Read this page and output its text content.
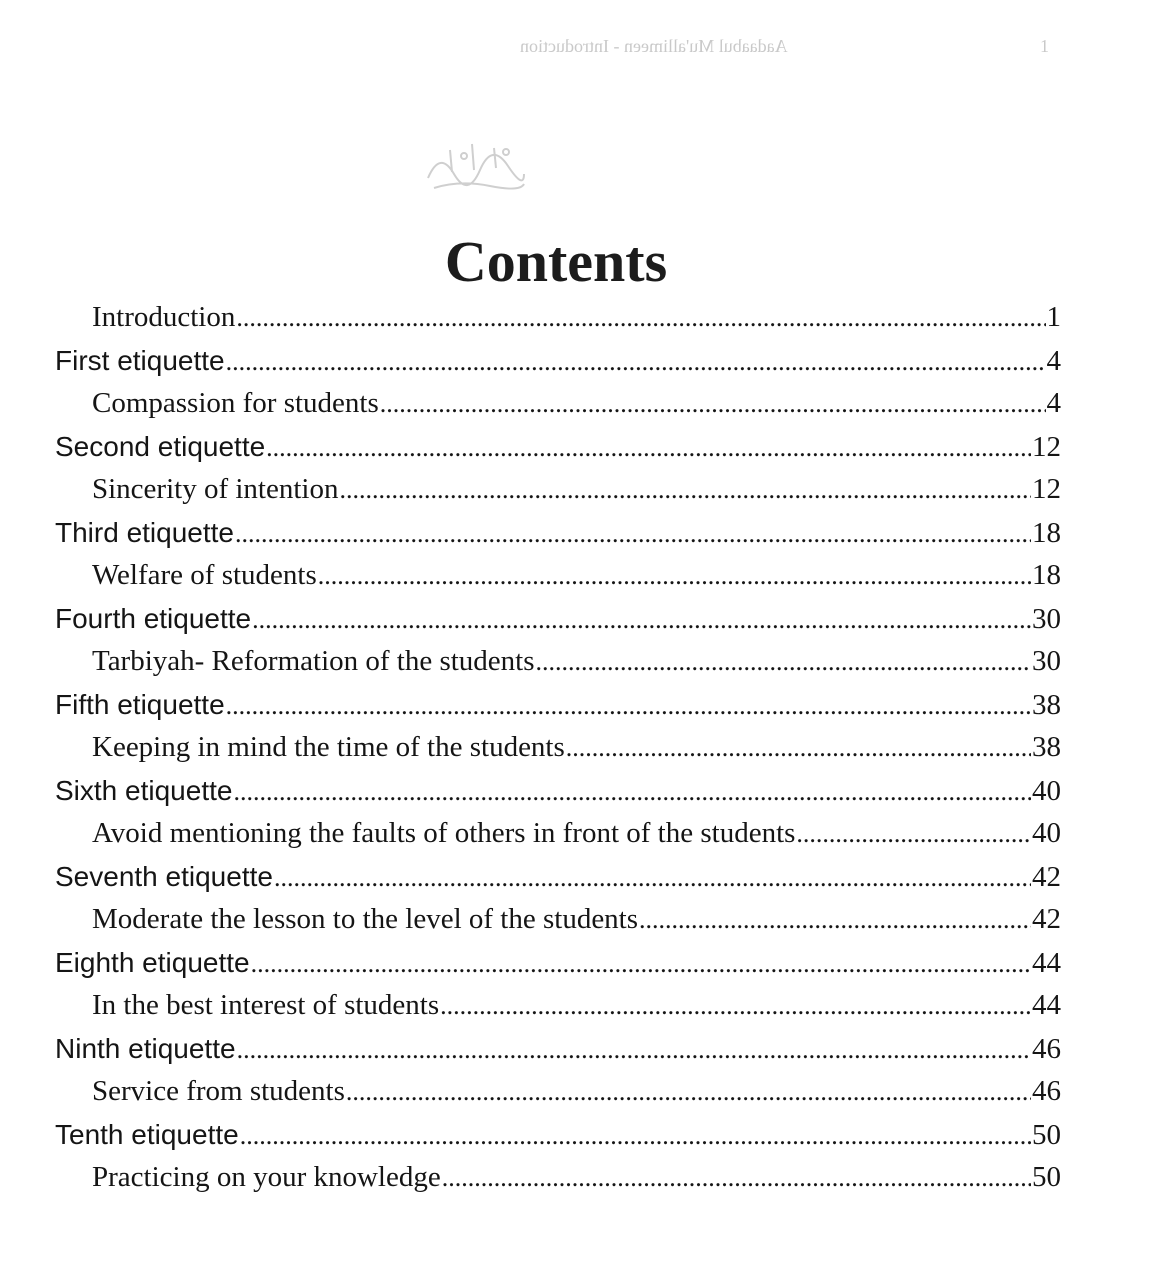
Aadaabul Mu'allimeen - Introduction	1
Contents
Introduction .....	1
First etiquette .....	4
Compassion for students .....	4
Second etiquette .....	12
Sincerity of intention .....	12
Third etiquette .....	18
Welfare of students .....	18
Fourth etiquette .....	30
Tarbiyah- Reformation of the students .....	30
Fifth etiquette .....	38
Keeping in mind the time of the students .....	38
Sixth etiquette .....	40
Avoid mentioning the faults of others in front of the students .....	40
Seventh etiquette .....	42
Moderate the lesson to the level of the students .....	42
Eighth etiquette .....	44
In the best interest of students .....	44
Ninth etiquette .....	46
Service from students .....	46
Tenth etiquette .....	50
Practicing on your knowledge .....	50
